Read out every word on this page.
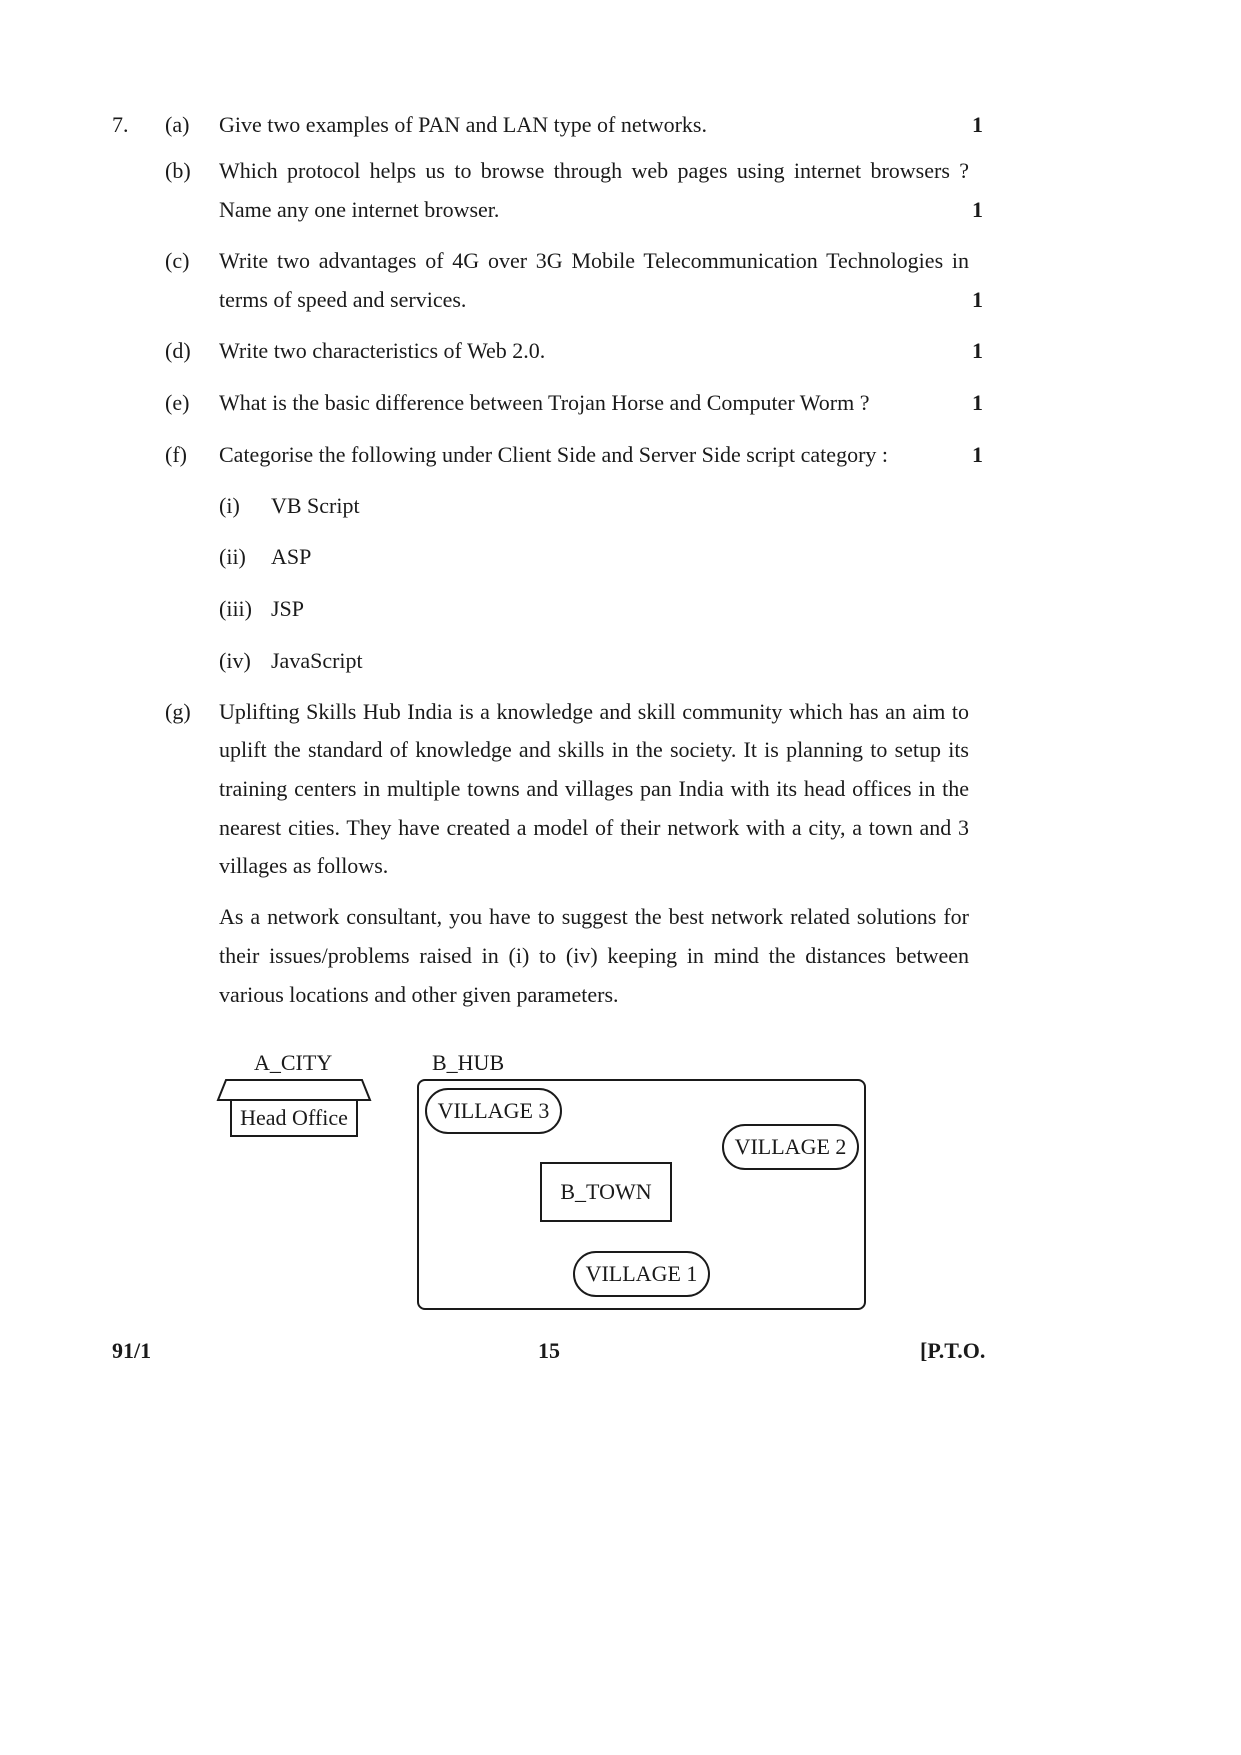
7. (a) Give two examples of PAN and LAN type of networks.	1
(b) Which protocol helps us to browse through web pages using internet browsers ?
Name any one internet browser.	1
(c) Write two advantages of 4G over 3G Mobile Telecommunication Technologies in
terms of speed and services.	1
(d) Write two characteristics of Web 2.0.	1
(e) What is the basic difference between Trojan Horse and Computer Worm ?	1
(f) Categorise the following under Client Side and Server Side script category :	1
(i) VB Script
(ii) ASP
(iii) JSP
(iv) JavaScript
(g) Uplifting Skills Hub India is a knowledge and skill community which has an aim to
uplift the standard of knowledge and skills in the society. It is planning to setup its
training centers in multiple towns and villages pan India with its head offices in the
nearest cities. They have created a model of their network with a city, a town and 3
villages as follows.
As a network consultant, you have to suggest the best network related solutions for
their issues/problems raised in (i) to (iv) keeping in mind the distances between
various locations and other given parameters.
A_CITY
Head Office
B_HUB
VILLAGE 3
VILLAGE 2
B_TOWN
VILLAGE 1
91/1	15	[P.T.O.
